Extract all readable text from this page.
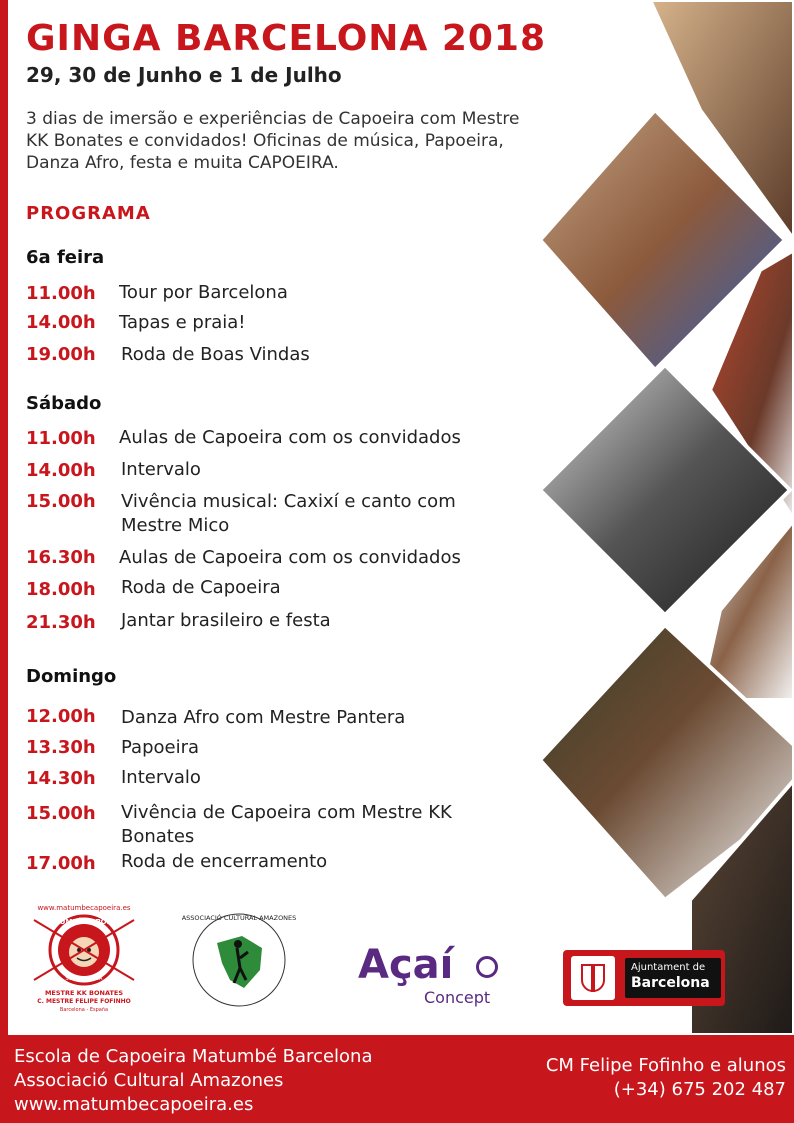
GINGA BARCELONA 2018
29, 30 de Junho e 1 de Julho
3 dias de imersão e experiências de Capoeira com Mestre KK Bonates e convidados! Oficinas de música, Papoeira, Danza Afro, festa e muita CAPOEIRA.
PROGRAMA
6a feira
11.00h Tour por Barcelona
14.00h Tapas e praia!
19.00h Roda de Boas Vindas
Sábado
11.00h Aulas de Capoeira com os convidados
14.00h Intervalo
15.00h Vivência musical: Caxixí e canto com Mestre Mico
16.30h Aulas de Capoeira com os convidados
18.00h Roda de Capoeira
21.30h Jantar brasileiro e festa
Domingo
12.00h Danza Afro com Mestre Pantera
13.30h Papoeira
14.30h Intervalo
15.00h Vivência de Capoeira com Mestre KK Bonates
17.00h Roda de encerramento
www.matumbecapoeira.es
MATUMBÊ CAPOEIRA
SUÊ CURUNGA
MESTRE KK BONATES
C. MESTRE FELIPE FOFINHO
Barcelona - España
ASSOCIACIÓ CULTURAL AMAZONES
Açaí
Concept
Ajuntament de
Barcelona
Escola de Capoeira Matumbé Barcelona
Associació Cultural Amazones
www.matumbecapoeira.es
CM Felipe Fofinho e alunos
(+34) 675 202 487
